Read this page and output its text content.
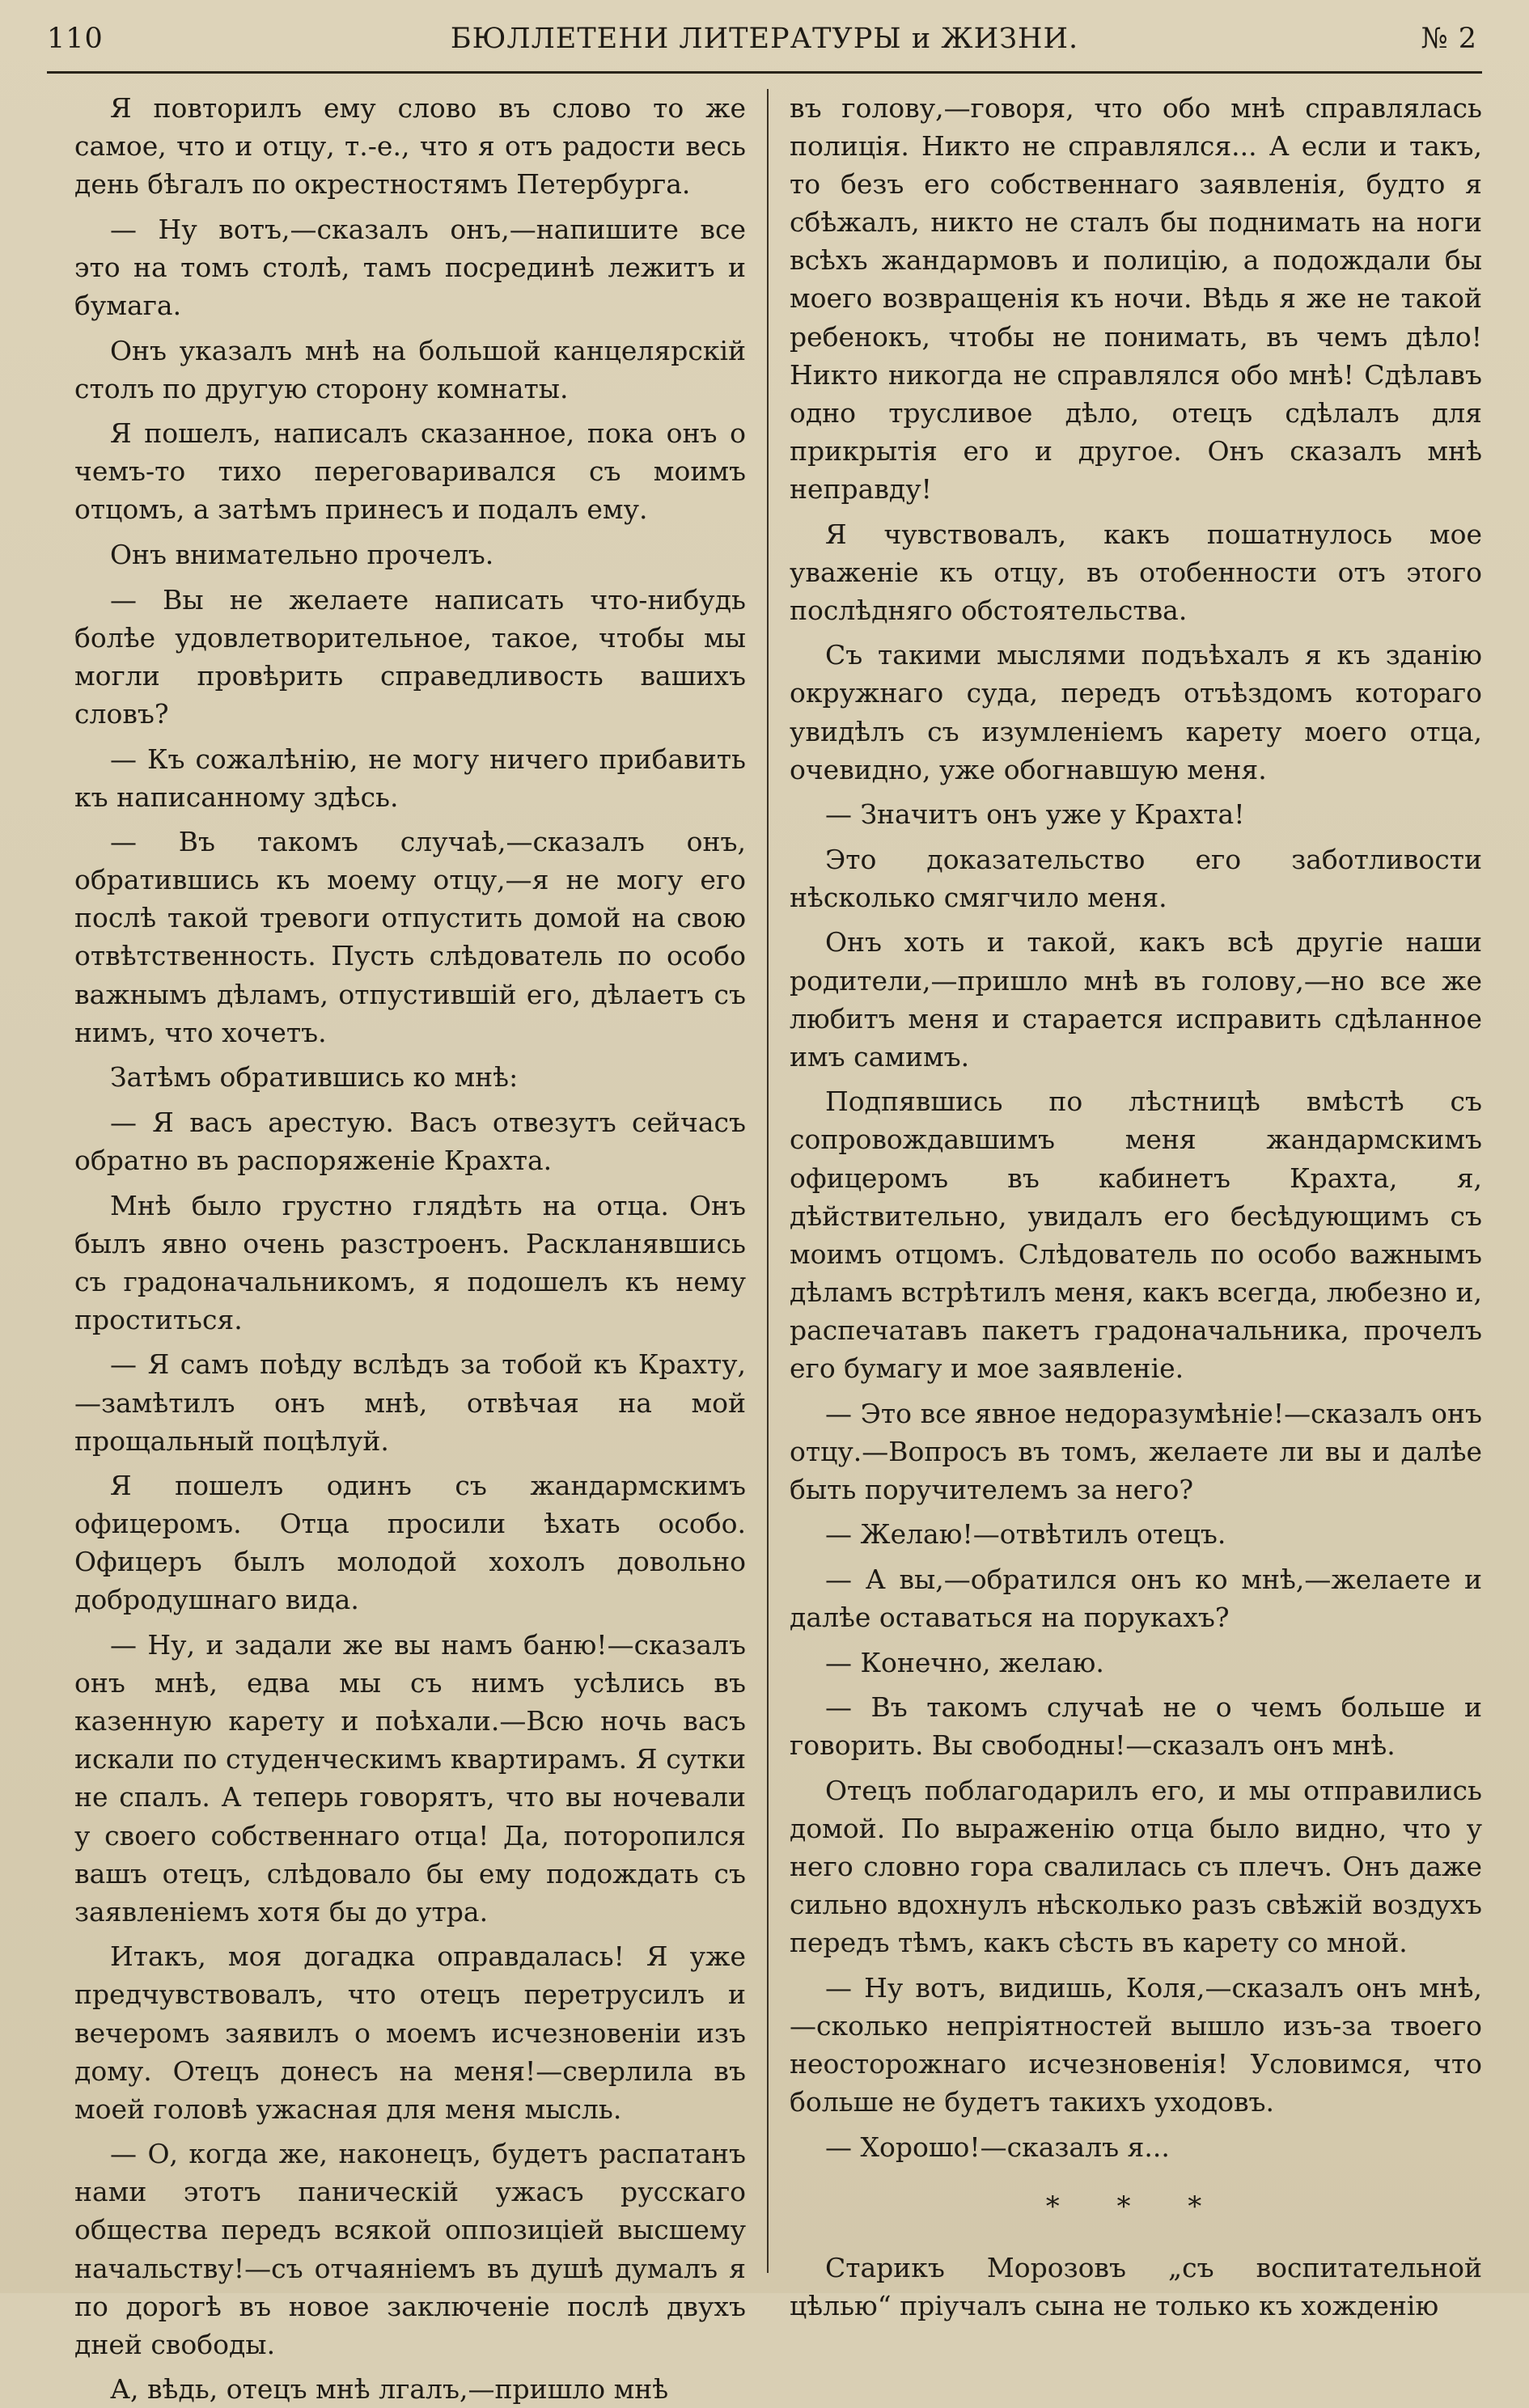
110	БЮЛЛЕТЕНИ ЛИТЕРАТУРЫ и ЖИЗНИ.	№ 2

Я повторилъ ему слово въ слово то же самое, что и отцу, т.-е., что я отъ радости весь день бѣгалъ по окрестностямъ Петербурга.

— Ну вотъ,—сказалъ онъ,—напишите все это на томъ столѣ, тамъ посрединѣ лежитъ и бумага.

Онъ указалъ мнѣ на большой канцелярскій столъ по другую сторону комнаты.

Я пошелъ, написалъ сказанное, пока онъ о чемъ-то тихо переговаривался съ моимъ отцомъ, а затѣмъ принесъ и подалъ ему.

Онъ внимательно прочелъ.

— Вы не желаете написать что-нибудь болѣе удовлетворительное, такое, чтобы мы могли провѣрить справедливость вашихъ словъ?

— Къ сожалѣнію, не могу ничего прибавить къ написанному здѣсь.

— Въ такомъ случаѣ,—сказалъ онъ, обратившись къ моему отцу,—я не могу его послѣ такой тревоги отпустить домой на свою отвѣтственность. Пусть слѣдователь по особо важнымъ дѣламъ, отпустившій его, дѣлаетъ съ нимъ, что хочетъ.

Затѣмъ обратившись ко мнѣ:

— Я васъ арестую. Васъ отвезутъ сейчасъ обратно въ распоряженіе Крахта.

Мнѣ было грустно глядѣть на отца. Онъ былъ явно очень разстроенъ. Раскланявшись съ градоначальникомъ, я подошелъ къ нему проститься.

— Я самъ поѣду вслѣдъ за тобой къ Крахту,—замѣтилъ онъ мнѣ, отвѣчая на мой прощальный поцѣлуй.

Я пошелъ одинъ съ жандармскимъ офицеромъ. Отца просили ѣхать особо. Офицеръ былъ молодой хохолъ довольно добродушнаго вида.

— Ну, и задали же вы намъ баню!—сказалъ онъ мнѣ, едва мы съ нимъ усѣлись въ казенную карету и поѣхали.—Всю ночь васъ искали по студенческимъ квартирамъ. Я сутки не спалъ. А теперь говорятъ, что вы ночевали у своего собственнаго отца! Да, поторопился вашъ отецъ, слѣдовало бы ему подождать съ заявленіемъ хотя бы до утра.

Итакъ, моя догадка оправдалась! Я уже предчувствовалъ, что отецъ перетрусилъ и вечеромъ заявилъ о моемъ исчезновеніи изъ дому. Отецъ донесъ на меня!—сверлила въ моей головѣ ужасная для меня мысль.

— О, когда же, наконецъ, будетъ распатанъ нами этотъ паническій ужасъ русскаго общества передъ всякой оппозиціей высшему начальству!—съ отчаяніемъ въ душѣ думалъ я по дорогѣ въ новое заключеніе послѣ двухъ дней свободы.

А, вѣдь, отецъ мнѣ лгалъ,—пришло мнѣ

въ голову,—говоря, что обо мнѣ справлялась полиція. Никто не справлялся... А если и такъ, то безъ его собственнаго заявленія, будто я сбѣжалъ, никто не сталъ бы поднимать на ноги всѣхъ жандармовъ и полицію, а подождали бы моего возвращенія къ ночи. Вѣдь я же не такой ребенокъ, чтобы не понимать, въ чемъ дѣло! Никто никогда не справлялся обо мнѣ! Сдѣлавъ одно трусливое дѣло, отецъ сдѣлалъ для прикрытія его и другое. Онъ сказалъ мнѣ неправду!

Я чувствовалъ, какъ пошатнулось мое уваженіе къ отцу, въ отобенности отъ этого послѣдняго обстоятельства.

Съ такими мыслями подъѣхалъ я къ зданію окружнаго суда, передъ отъѣздомъ котораго увидѣлъ съ изумленіемъ карету моего отца, очевидно, уже обогнавшую меня.

— Значитъ онъ уже у Крахта!

Это доказательство его заботливости нѣсколько смягчило меня.

Онъ хоть и такой, какъ всѣ другіе наши родители,—пришло мнѣ въ голову,—но все же любитъ меня и старается исправить сдѣланное имъ самимъ.

Подпявшись по лѣстницѣ вмѣстѣ съ сопровождавшимъ меня жандармскимъ офицеромъ въ кабинетъ Крахта, я, дѣйствительно, увидалъ его бесѣдующимъ съ моимъ отцомъ. Слѣдователь по особо важнымъ дѣламъ встрѣтилъ меня, какъ всегда, любезно и, распечатавъ пакетъ градоначальника, прочелъ его бумагу и мое заявленіе.

— Это все явное недоразумѣніе!—сказалъ онъ отцу.—Вопросъ въ томъ, желаете ли вы и далѣе быть поручителемъ за него?

— Желаю!—отвѣтилъ отецъ.

— А вы,—обратился онъ ко мнѣ,—желаете и далѣе оставаться на порукахъ?

— Конечно, желаю.

— Въ такомъ случаѣ не о чемъ больше и говорить. Вы свободны!—сказалъ онъ мнѣ.

Отецъ поблагодарилъ его, и мы отправились домой. По выраженію отца было видно, что у него словно гора свалилась съ плечъ. Онъ даже сильно вдохнулъ нѣсколько разъ свѣжій воздухъ передъ тѣмъ, какъ сѣсть въ карету со мной.

— Ну вотъ, видишь, Коля,—сказалъ онъ мнѣ,—сколько непріятностей вышло изъ-за твоего неосторожнаго исчезновенія! Условимся, что больше не будетъ такихъ уходовъ.

— Хорошо!—сказалъ я...

* * *

Старикъ Морозовъ „съ воспитательной цѣлью“ пріучалъ сына не только къ хожденію
